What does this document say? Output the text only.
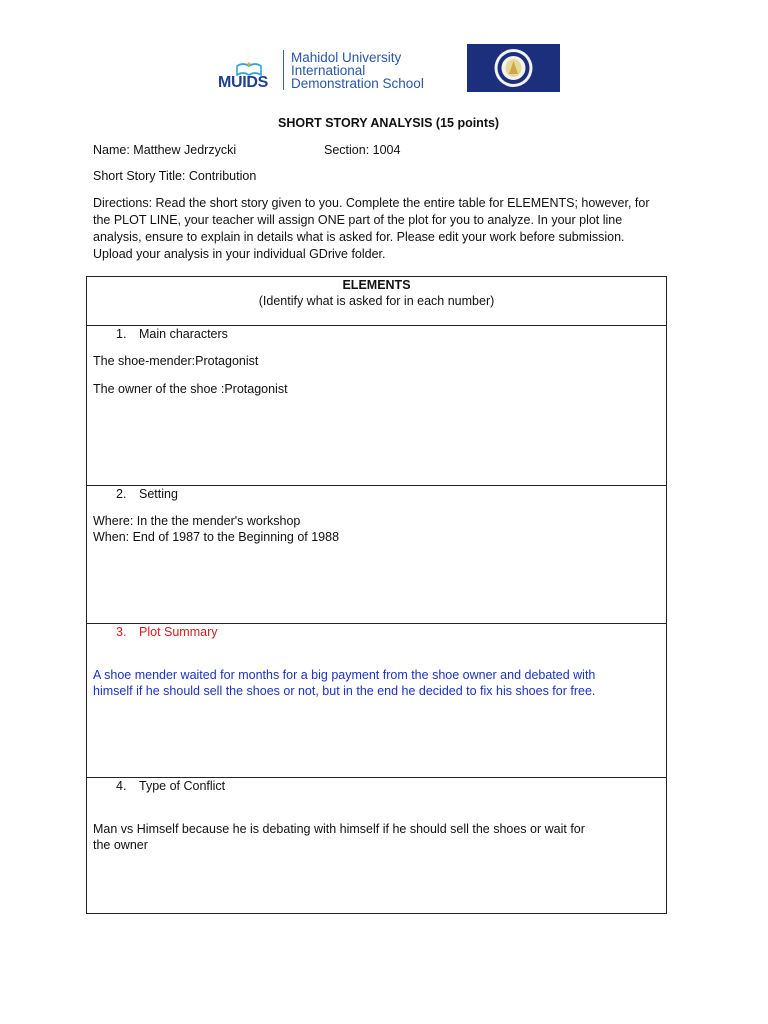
MUIDS
Mahidol University
International
Demonstration School
SHORT STORY ANALYSIS (15 points)
Name: Matthew Jedrzycki	Section: 1004
Short Story Title: Contribution
Directions: Read the short story given to you. Complete the entire table for ELEMENTS; however, for
the PLOT LINE, your teacher will assign ONE part of the plot for you to analyze. In your plot line
analysis, ensure to explain in details what is asked for. Please edit your work before submission.
Upload your analysis in your individual GDrive folder.
ELEMENTS
(Identify what is asked for in each number)
1. Main characters
The shoe-mender:Protagonist
The owner of the shoe :Protagonist
2. Setting
Where: In the the mender's workshop
When: End of 1987 to the Beginning of 1988
3. Plot Summary
A shoe mender waited for months for a big payment from the shoe owner and debated with
himself if he should sell the shoes or not, but in the end he decided to fix his shoes for free.
4. Type of Conflict
Man vs Himself because he is debating with himself if he should sell the shoes or wait for
the owner
